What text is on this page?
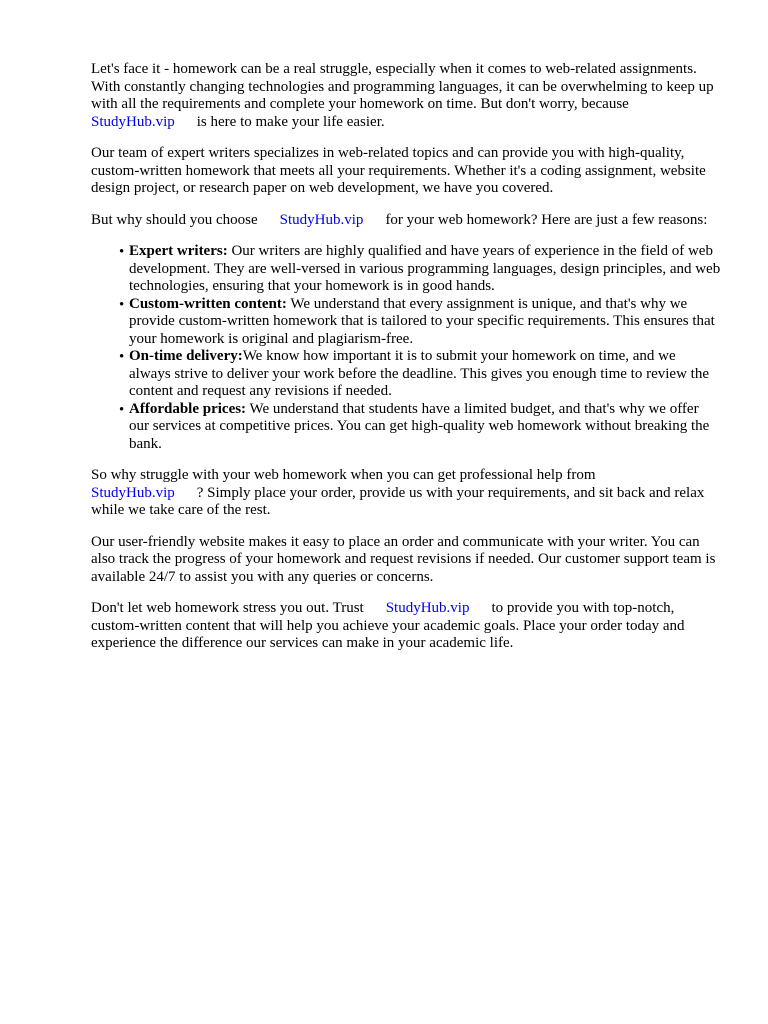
Let's face it - homework can be a real struggle, especially when it comes to web-related assignments. With constantly changing technologies and programming languages, it can be overwhelming to keep up with all the requirements and complete your homework on time. But don't worry, because
StudyHub.vip is here to make your life easier.

Our team of expert writers specializes in web-related topics and can provide you with high-quality, custom-written homework that meets all your requirements. Whether it's a coding assignment, website design project, or research paper on web development, we have you covered.

But why should you choose StudyHub.vip for your web homework? Here are just a few reasons:

• Expert writers: Our writers are highly qualified and have years of experience in the field of web development. They are well-versed in various programming languages, design principles, and web technologies, ensuring that your homework is in good hands.
• Custom-written content: We understand that every assignment is unique, and that's why we provide custom-written homework that is tailored to your specific requirements. This ensures that your homework is original and plagiarism-free.
• On-time delivery:We know how important it is to submit your homework on time, and we always strive to deliver your work before the deadline. This gives you enough time to review the content and request any revisions if needed.
• Affordable prices: We understand that students have a limited budget, and that's why we offer our services at competitive prices. You can get high-quality web homework without breaking the bank.

So why struggle with your web homework when you can get professional help from
StudyHub.vip ? Simply place your order, provide us with your requirements, and sit back and relax while we take care of the rest.

Our user-friendly website makes it easy to place an order and communicate with your writer. You can also track the progress of your homework and request revisions if needed. Our customer support team is available 24/7 to assist you with any queries or concerns.

Don't let web homework stress you out. Trust StudyHub.vip to provide you with top-notch, custom-written content that will help you achieve your academic goals. Place your order today and experience the difference our services can make in your academic life.
